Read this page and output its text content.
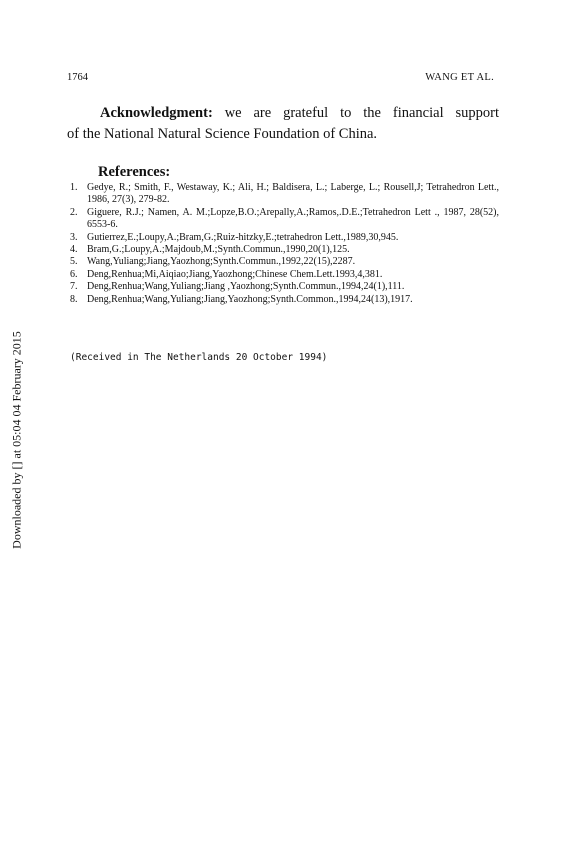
1764	WANG ET AL.
Acknowledgment: we are grateful to the financial support
of the National Natural Science Foundation of China.
References:
1. Gedye, R.; Smith, F., Westaway, K.; Ali, H.; Baldisera, L.; Laberge, L.; Rousell,J; Tetrahedron Lett., 1986, 27(3), 279-82.
2. Giguere, R.J.; Namen, A. M.;Lopze,B.O.;Arepally,A.;Ramos,.D.E.;Tetrahedron Lett ., 1987, 28(52), 6553-6.
3. Gutierrez,E.;Loupy,A.;Bram,G.;Ruiz-hitzky,E.;tetrahedron Lett.,1989,30,945.
4. Bram,G.;Loupy,A.;Majdoub,M.;Synth.Commun.,1990,20(1),125.
5. Wang,Yuliang;Jiang,Yaozhong;Synth.Commun.,1992,22(15),2287.
6. Deng,Renhua;Mi,Aiqiao;Jiang,Yaozhong;Chinese Chem.Lett.1993,4,381.
7. Deng,Renhua;Wang,Yuliang;Jiang ,Yaozhong;Synth.Commun.,1994,24(1),111.
8. Deng,Renhua;Wang,Yuliang;Jiang,Yaozhong;Synth.Common.,1994,24(13),1917.
(Received in The Netherlands 20 October 1994)
Downloaded by [] at 05:04 04 February 2015
